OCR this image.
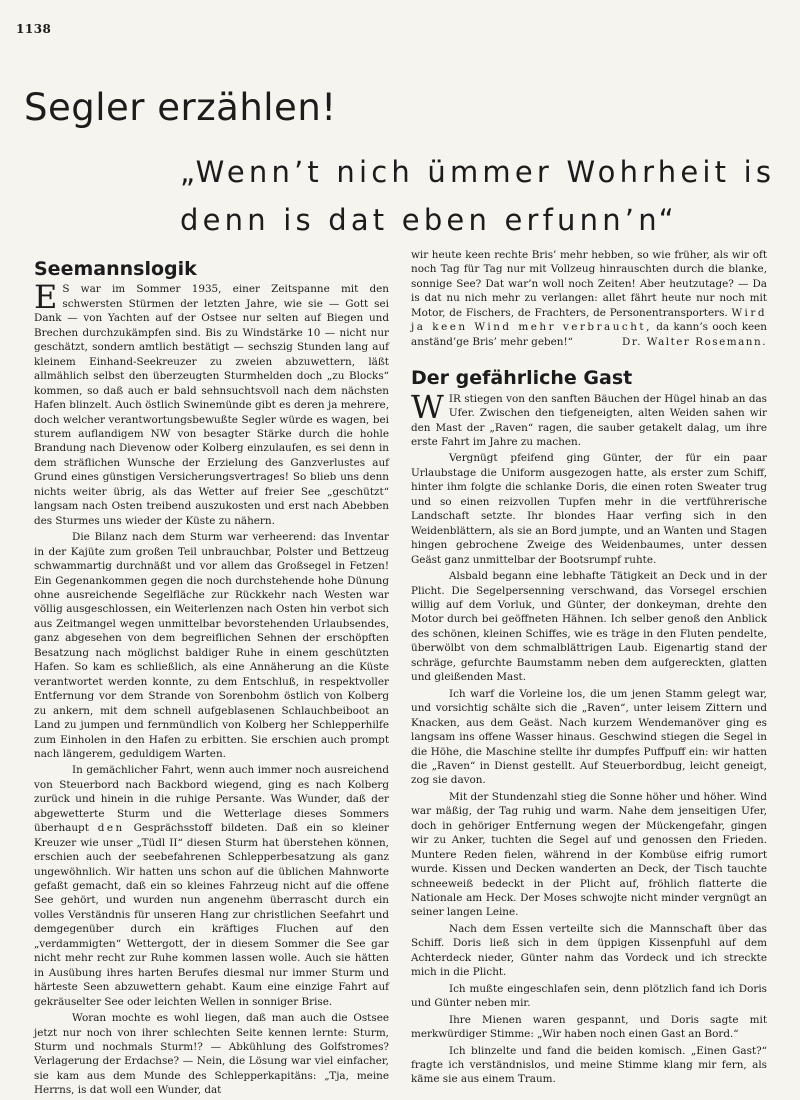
1138
Segler erzählen!
„Wenn’t nich ümmer Wohrheit is
denn is dat eben erfunn’n“
Seemannslogik

E S war im Sommer 1935, einer Zeitspanne mit den schwersten Stürmen der letzten Jahre, wie sie — Gott sei Dank — von Yachten auf der Ostsee nur selten auf Biegen und Brechen durchzukämpfen sind. Bis zu Windstärke 10 — nicht nur geschätzt, sondern amtlich bestätigt — sechszig Stunden lang auf kleinem Einhand-Seekreuzer zu zweien abzuwettern, läßt allmählich selbst den überzeugten Sturmhelden doch „zu Blocks“ kommen, so daß auch er bald sehnsuchtsvoll nach dem nächsten Hafen blinzelt. Auch östlich Swinemünde gibt es deren ja mehrere, doch welcher verantwortungsbewußte Segler würde es wagen, bei sturem auflandigem NW von besagter Stärke durch die hohle Brandung nach Dievenow oder Kolberg einzulaufen, es sei denn in dem sträflichen Wunsche der Erzielung des Ganzverlustes auf Grund eines günstigen Versicherungsvertrages! So blieb uns denn nichts weiter übrig, als das Wetter auf freier See „geschützt“ langsam nach Osten treibend auszukosten und erst nach Abebben des Sturmes uns wieder der Küste zu nähern.

Die Bilanz nach dem Sturm war verheerend: das Inventar in der Kajüte zum großen Teil unbrauchbar, Polster und Bettzeug schwammartig durchnäßt und vor allem das Großsegel in Fetzen! Ein Gegenankommen gegen die noch durchstehende hohe Dünung ohne ausreichende Segelfläche zur Rückkehr nach Westen war völlig ausgeschlossen, ein Weiterlenzen nach Osten hin verbot sich aus Zeitmangel wegen unmittelbar bevorstehenden Urlaubsendes, ganz abgesehen von dem begreiflichen Sehnen der erschöpften Besatzung nach möglichst baldiger Ruhe in einem geschützten Hafen. So kam es schließlich, als eine Annäherung an die Küste verantwortet werden konnte, zu dem Entschluß, in respektvoller Entfernung vor dem Strande von Sorenbohm östlich von Kolberg zu ankern, mit dem schnell aufgeblasenen Schlauchbeiboot an Land zu jumpen und fernmündlich von Kolberg her Schlepperhilfe zum Einholen in den Hafen zu erbitten. Sie erschien auch prompt nach längerem, geduldigem Warten.

In gemächlicher Fahrt, wenn auch immer noch ausreichend von Steuerbord nach Backbord wiegend, ging es nach Kolberg zurück und hinein in die ruhige Persante. Was Wunder, daß der abgewetterte Sturm und die Wetterlage dieses Sommers überhaupt den Gesprächsstoff bildeten. Daß ein so kleiner Kreuzer wie unser „Tüdl II“ diesen Sturm hat überstehen können, erschien auch der seebefahrenen Schlepperbesatzung als ganz ungewöhnlich. Wir hatten uns schon auf die üblichen Mahnworte gefaßt gemacht, daß ein so kleines Fahrzeug nicht auf die offene See gehört, und wurden nun angenehm überrascht durch ein volles Verständnis für unseren Hang zur christlichen Seefahrt und demgegenüber durch ein kräftiges Fluchen auf den „verdammigten“ Wettergott, der in diesem Sommer die See gar nicht mehr recht zur Ruhe kommen lassen wolle. Auch sie hätten in Ausübung ihres harten Berufes diesmal nur immer Sturm und härteste Seen abzuwettern gehabt. Kaum eine einzige Fahrt auf gekräuselter See oder leichten Wellen in sonniger Brise.

Woran mochte es wohl liegen, daß man auch die Ostsee jetzt nur noch von ihrer schlechten Seite kennen lernte: Sturm, Sturm und nochmals Sturm!? — Abkühlung des Golfstromes? Verlagerung der Erdachse? — Nein, die Lösung war viel einfacher, sie kam aus dem Munde des Schlepperkapitäns: „Tja, meine Herrns, is dat woll een Wunder, dat

wir heute keen rechte Bris’ mehr hebben, so wie früher, als wir oft noch Tag für Tag nur mit Vollzeug hinrauschten durch die blanke, sonnige See? Dat war’n woll noch Zeiten! Aber heutzutage? — Da is dat nu nich mehr zu verlangen: allet fährt heute nur noch mit Motor, de Fischers, de Frachters, de Personentransporters. Wird ja keen Wind mehr verbraucht, da kann’s ooch keen anständ’ge Bris’ mehr geben!“	Dr. Walter Rosemann.

Der gefährliche Gast

WIR stiegen von den sanften Bäuchen der Hügel hinab an das Ufer. Zwischen den tiefgeneigten, alten Weiden sahen wir den Mast der „Raven“ ragen, die sauber getakelt dalag, um ihre erste Fahrt im Jahre zu machen.

Vergnügt pfeifend ging Günter, der für ein paar Urlaubstage die Uniform ausgezogen hatte, als erster zum Schiff, hinter ihm folgte die schlanke Doris, die einen roten Sweater trug und so einen reizvollen Tupfen mehr in die vertführerische Landschaft setzte. Ihr blondes Haar verfing sich in den Weidenblättern, als sie an Bord jumpte, und an Wanten und Stagen hingen gebrochene Zweige des Weidenbaumes, unter dessen Geäst ganz unmittelbar der Bootsrumpf ruhte.

Alsbald begann eine lebhafte Tätigkeit an Deck und in der Plicht. Die Segelpersenning verschwand, das Vorsegel erschien willig auf dem Vorluk, und Günter, der donkeyman, drehte den Motor durch bei geöffneten Hähnen. Ich selber genoß den Anblick des schönen, kleinen Schiffes, wie es träge in den Fluten pendelte, überwölbt von dem schmalblättrigen Laub. Eigenartig stand der schräge, gefurchte Baumstamm neben dem aufgereckten, glatten und gleißenden Mast.

Ich warf die Vorleine los, die um jenen Stamm gelegt war, und vorsichtig schälte sich die „Raven“, unter leisem Zittern und Knacken, aus dem Geäst. Nach kurzem Wendemanöver ging es langsam ins offene Wasser hinaus. Geschwind stiegen die Segel in die Höhe, die Maschine stellte ihr dumpfes Puffpuff ein: wir hatten die „Raven“ in Dienst gestellt. Auf Steuerbordbug, leicht geneigt, zog sie davon.

Mit der Stundenzahl stieg die Sonne höher und höher. Wind war mäßig, der Tag ruhig und warm. Nahe dem jenseitigen Ufer, doch in gehöriger Entfernung wegen der Mückengefahr, gingen wir zu Anker, tuchten die Segel auf und genossen den Frieden. Muntere Reden fielen, während in der Kombüse eifrig rumort wurde. Kissen und Decken wanderten an Deck, der Tisch tauchte schneeweiß bedeckt in der Plicht auf, fröhlich flatterte die Nationale am Heck. Der Moses schwojte nicht minder vergnügt an seiner langen Leine.

Nach dem Essen verteilte sich die Mannschaft über das Schiff. Doris ließ sich in dem üppigen Kissenpfuhl auf dem Achterdeck nieder, Günter nahm das Vordeck und ich streckte mich in die Plicht.

Ich mußte eingeschlafen sein, denn plötzlich fand ich Doris und Günter neben mir.

Ihre Mienen waren gespannt, und Doris sagte mit merkwürdiger Stimme: „Wir haben noch einen Gast an Bord.“

Ich blinzelte und fand die beiden komisch. „Einen Gast?“ fragte ich verständnislos, und meine Stimme klang mir fern, als käme sie aus einem Traum.
